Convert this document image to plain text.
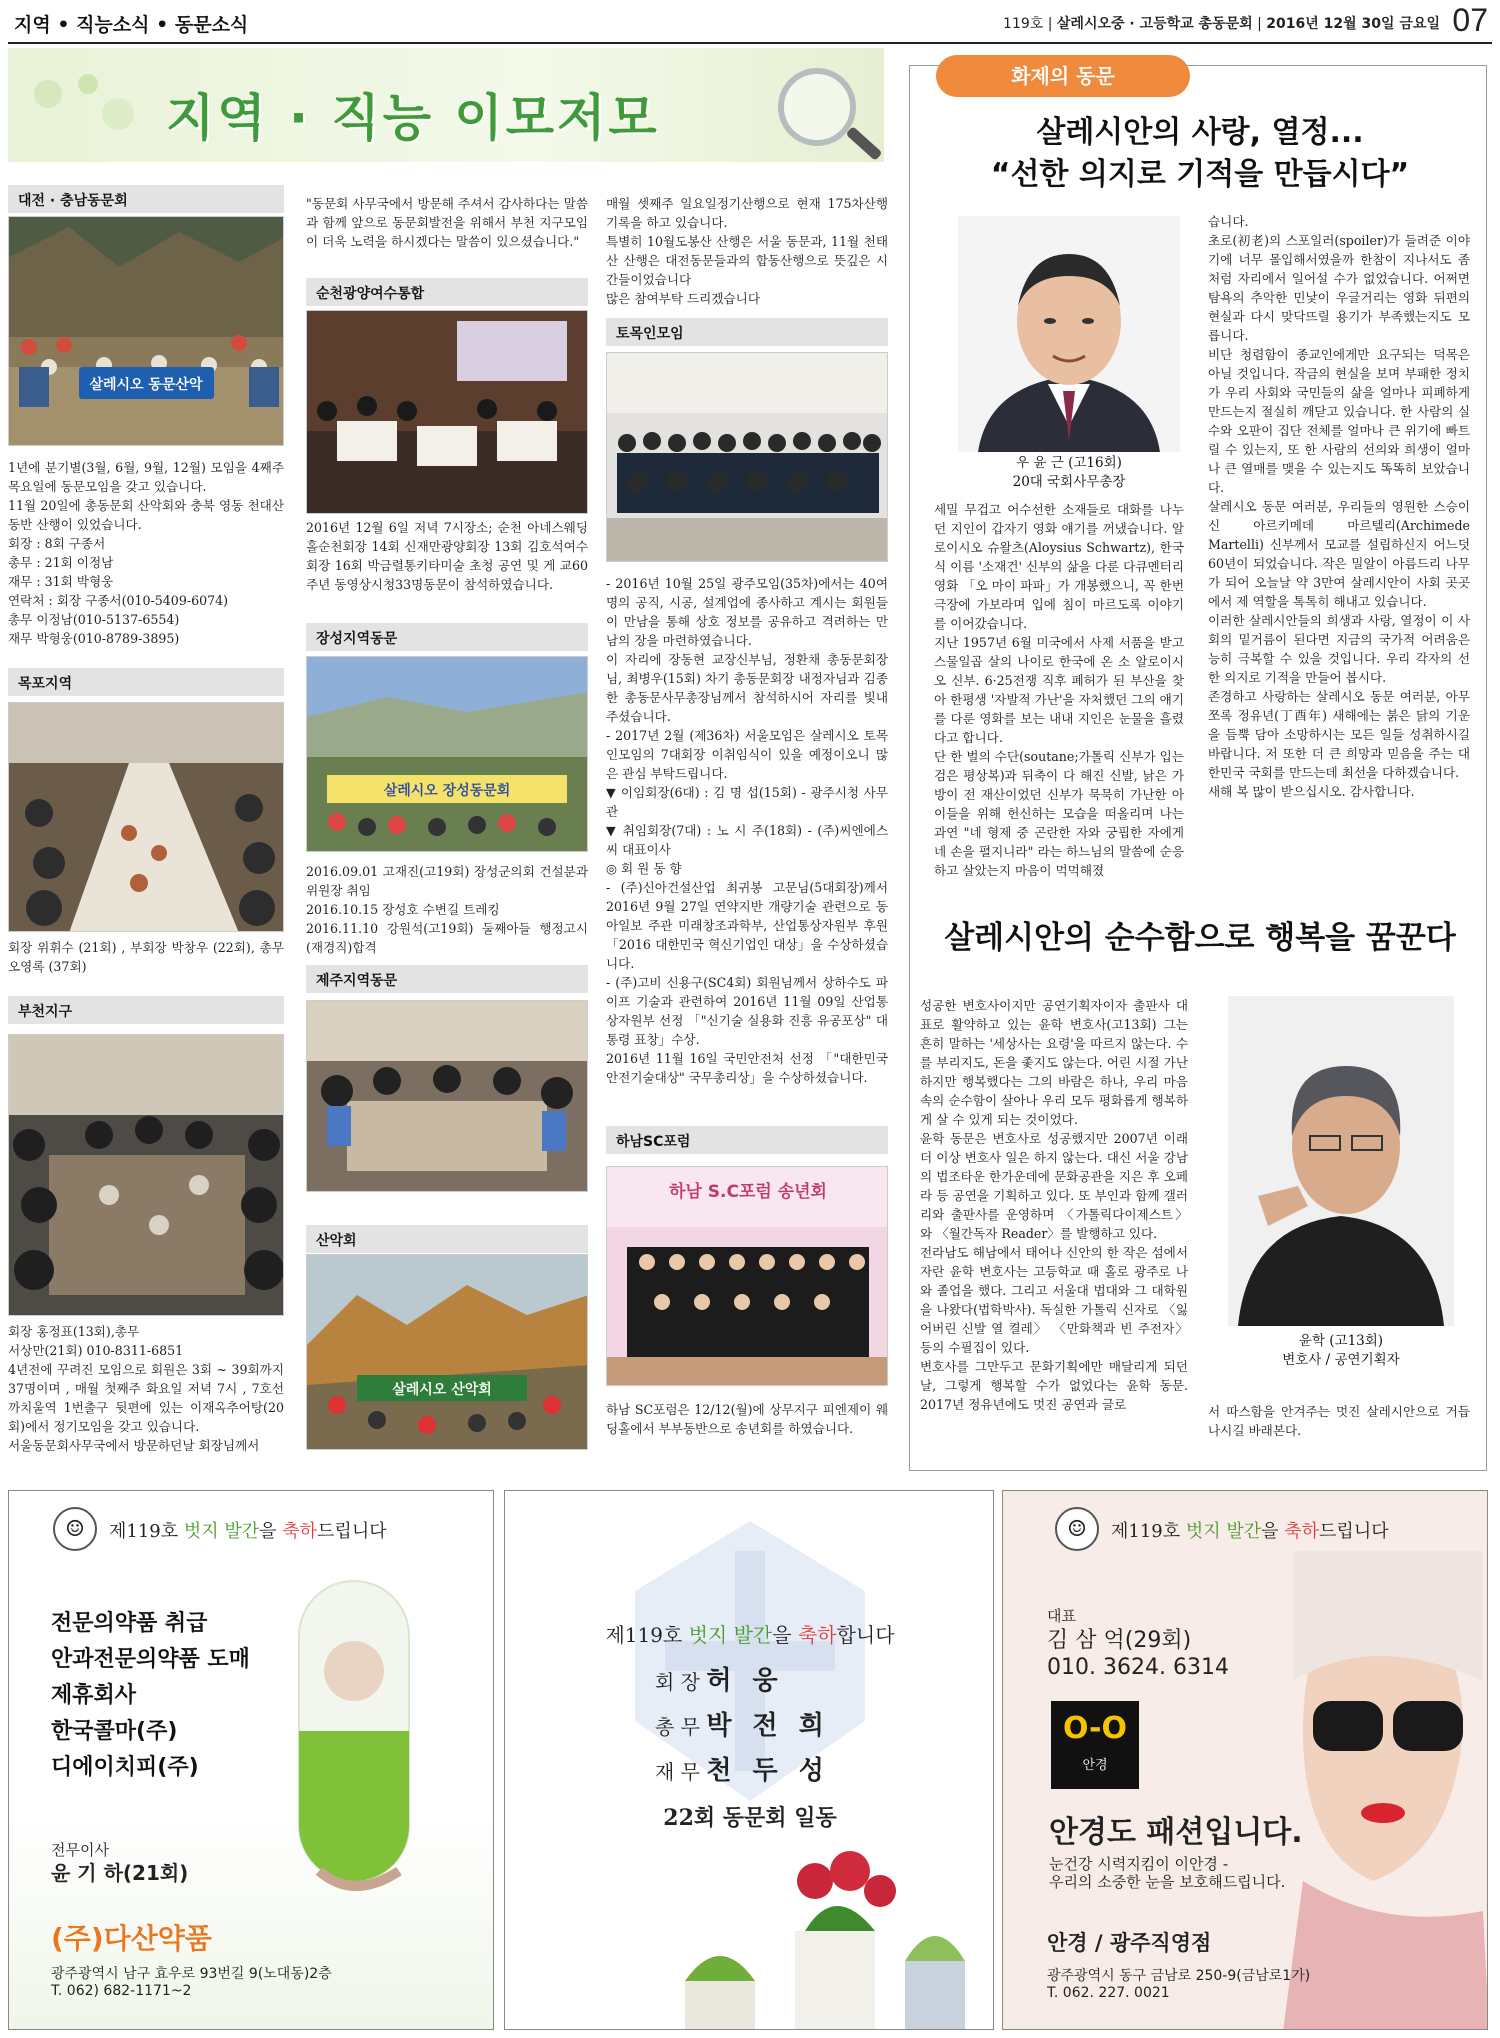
지역 • 직능소식 • 동문소식	119호 | 살레시오중 · 고등학교 총동문회 | 2016년 12월 30일 금요일 07
지역 · 직능 이모저모
대전 · 충남동문회
살레시오 동문산악

1년에 분기별(3월, 6월, 9월, 12월) 모임을 4째주 목요일에 동문모임을 갖고 있습니다.

11월 20일에 총동문회 산악회와 충북 영동 천대산 동반 산행이 있었습니다.

회장 : 8회 구종서

총무 : 21회 이정남

재무 : 31회 박형웅

연락처 : 회장 구종서(010-5409-6074)

총무 이정남(010-5137-6554)

재무 박형웅(010-8789-3895)

목포지역
회장 위휘수 (21회) , 부회장 박창우 (22회), 총무 오영록 (37회)
부천지구

회장 홍정표(13회),총무

서상만(21회) 010-8311-6851

4년전에 꾸려진 모임으로 회원은 3회 ~ 39회까지 37명이며 , 매월 첫째주 화요일 저녁 7시 , 7호선 까치울역 1번출구 뒷편에 있는 이재옥추어탕(20회)에서 정기모임을 갖고 있습니다.

서울동문회사무국에서 방문하던날 회장님께서

"동문회 사무국에서 방문해 주셔서 감사하다는 말씀과 함께 앞으로 동문회발전을 위해서 부천 지구모임이 더욱 노력을 하시겠다는 말씀이 있으셨습니다."
순천광양여수통합
2016년 12월 6일 저녁 7시장소; 순천 아네스웨딩 홀순천회장 14회 신재만광양회장 13회 김호석여수회장 16회 박금렬통키타미술 초청 공연 및 게 교60주년 동영상시청33명동문이 참석하였습니다.
장성지역동문
살레시오 장성동문회

2016.09.01 고재진(고19회) 장성군의회 건설분과 위원장 취임

2016.10.15 장성호 수변길 트레킹

2016.11.10 강원석(고19회) 둘째아들 행정고시(재경직)합격

제주지역동문
산악회
살레시오 산악회

매월 셋째주 일요일정기산행으로 현재 175차산행기록을 하고 있습니다.

특별히 10월도봉산 산행은 서울 동문과, 11월 천태산 산행은 대전동문들과의 합동산행으로 뜻깊은 시간들이었습니다

많은 참여부탁 드리겠습니다

토목인모임

- 2016년 10월 25일 광주모임(35차)에서는 40여 명의 공직, 시공, 설계업에 종사하고 계시는 회원들이 만남을 통해 상호 정보를 공유하고 격려하는 만남의 장을 마련하였습니다.

이 자리에 장동현 교장신부님, 정환채 총동문회장님, 최병우(15회) 차기 총동문회장 내정자님과 김종한 총동문사무총장님께서 참석하시어 자리를 빛내 주셨습니다.

- 2017년 2월 (제36차) 서울모임은 살레시오 토목인모임의 7대회장 이취임식이 있을 예정이오니 많은 관심 부탁드립니다.

▼ 이임회장(6대) : 김 명 섭(15회) - 광주시청 사무관

▼ 취임회장(7대) : 노 시 주(18회) - (주)씨엔에스씨 대표이사

◎ 회 원 동 향

- (주)신아건설산업 최귀봉 고문님(5대회장)께서 2016년 9월 27일 연약지반 개량기술 관련으로 동아일보 주관 미래창조과학부, 산업통상자원부 후원 「2016 대한민국 혁신기업인 대상」을 수상하셨습니다.

- (주)고비 신용구(SC4회) 회원님께서 상하수도 파이프 기술과 관련하여 2016년 11월 09일 산업통상자원부 선정 「"신기술 실용화 진흥 유공포상" 대통령 표창」수상.

2016년 11월 16일 국민안전처 선정 「"대한민국 안전기술대상" 국무총리상」을 수상하셨습니다.

하남SC포럼
하남 S.C포럼 송년회
하남 SC포럼은 12/12(월)에 상무지구 피엔제이 웨딩홀에서 부부동반으로 송년회를 하였습니다.
화제의 동문
살레시안의 사랑, 열정...
“선한 의지로 기적을 만듭시다”
우 윤 근 (고16회)
20대 국회사무총장
세밀 무겁고 어수선한 소재들로 대화를 나누던 지인이 갑자기 영화 얘기를 꺼냈습니다. 알로이시오 슈왈츠(Aloysius Schwartz), 한국식 이름 '소재건' 신부의 삶을 다룬 다큐멘터리 영화 「오 마이 파파」가 개봉했으니, 꼭 한번 극장에 가보라며 입에 침이 마르도록 이야기를 이어갔습니다.
지난 1957년 6월 미국에서 사제 서품을 받고 스물일곱 살의 나이로 한국에 온 소 알로이시오 신부. 6·25전쟁 직후 폐허가 된 부산을 찾아 한평생 '자발적 가난'을 자처했던 그의 얘기를 다룬 영화를 보는 내내 지인은 눈물을 흘렸다고 합니다.
단 한 벌의 수단(soutane;가톨릭 신부가 입는 검은 평상복)과 뒤축이 다 해진 신발, 낡은 가방이 전 재산이었던 신부가 묵묵히 가난한 아이들을 위해 헌신하는 모습을 떠올리며 나는 과연 "네 형제 중 곤란한 자와 궁핍한 자에게 네 손을 펼지니라" 라는 하느님의 말씀에 순응하고 살았는지 마음이 먹먹해졌
습니다.
초로(初老)의 스포일러(spoiler)가 들려준 이야기에 너무 몰입해서였을까 한참이 지나서도 좀처럼 자리에서 일어설 수가 없었습니다. 어쩌면 탐욕의 추악한 민낯이 우글거리는 영화 뒤편의 현실과 다시 맞닥뜨릴 용기가 부족했는지도 모릅니다.
비단 청렴함이 종교인에게만 요구되는 덕목은 아닐 것입니다. 작금의 현실을 보며 부패한 정치가 우리 사회와 국민들의 삶을 얼마나 피폐하게 만드는지 절실히 깨닫고 있습니다. 한 사람의 실수와 오판이 집단 전체를 얼마나 큰 위기에 빠트릴 수 있는지, 또 한 사람의 선의와 희생이 얼마나 큰 열매를 맺을 수 있는지도 똑똑히 보았습니다.
살레시오 동문 여러분, 우리들의 영원한 스승이신 아르키메데 마르텔리(Archimede Martelli) 신부께서 모교를 설립하신지 어느덧 60년이 되었습니다. 작은 밀알이 아름드리 나무가 되어 오늘날 약 3만여 살레시안이 사회 곳곳에서 제 역할을 톡톡히 해내고 있습니다.
이러한 살레시안들의 희생과 사랑, 열정이 이 사회의 밑거름이 된다면 지금의 국가적 어려움은 능히 극복할 수 있을 것입니다. 우리 각자의 선한 의지로 기적을 만들어 봅시다.
존경하고 사랑하는 살레시오 동문 여러분, 아무쪼록 정유년(丁酉年) 새해에는 붉은 닭의 기운을 듬뿍 담아 소망하시는 모든 일들 성취하시길 바랍니다. 저 또한 더 큰 희망과 믿음을 주는 대한민국 국회를 만드는데 최선을 다하겠습니다.
새해 복 많이 받으십시오. 감사합니다.
살레시안의 순수함으로 행복을 꿈꾼다
성공한 변호사이지만 공연기획자이자 출판사 대표로 활약하고 있는 윤학 변호사(고13회) 그는 흔히 말하는 '세상사는 요령'을 따르지 않는다. 수를 부리지도, 돈을 좇지도 않는다. 어린 시절 가난하지만 행복했다는 그의 바람은 하나, 우리 마음속의 순수함이 살아나 우리 모두 평화롭게 행복하게 살 수 있게 되는 것이었다.
윤학 동문은 변호사로 성공했지만 2007년 이래 더 이상 변호사 일은 하지 않는다. 대신 서울 강남의 법조타운 한가운데에 문화공관을 지은 후 오페라 등 공연을 기획하고 있다. 또 부인과 함께 갤러리와 출판사를 운영하며 〈가톨릭다이제스트〉와 〈월간독자 Reader〉를 발행하고 있다.
전라남도 해남에서 태어나 신안의 한 작은 섬에서 자란 윤학 변호사는 고등학교 때 홀로 광주로 나와 졸업을 했다. 그리고 서울대 법대와 그 대학원을 나왔다(법학박사). 독실한 가톨릭 신자로 〈잃어버린 신발 열 켤레〉 〈만화책과 빈 주전자〉 등의 수필집이 있다.
변호사를 그만두고 문화기획에만 매달리게 되던 날, 그렇게 행복할 수가 없었다는 윤학 동문. 2017년 정유년에도 멋진 공연과 글로
윤학 (고13회)
변호사 / 공연기획자
서 따스함을 안겨주는 멋진 살레시안으로 거듭나시길 바래본다.
☺	제119호 벗지 발간을 축하드립니다
전문의약품 취급
안과전문의약품 도매
제휴회사
한국콜마(주)
디에이치피(주)
전무이사
윤 기 하(21회)
(주)다산약품
광주광역시 남구 효우로 93번길 9(노대동)2층
T. 062) 682-1171~2
제119호 벗지 발간을 축하합니다
회 장 허 웅
총 무 박 전 희
재 무 천 두 성
22회 동문회 일동
☺	제119호 벗지 발간을 축하드립니다
대표
김 삼 억(29회)
010. 3624. 6314
O-O
안경
안경도 패션입니다.
눈건강 시력지킴이 이안경 -
우리의 소중한 눈을 보호해드립니다.
안경 / 광주직영점
광주광역시 동구 금남로 250-9(금남로1가)
T. 062. 227. 0021
